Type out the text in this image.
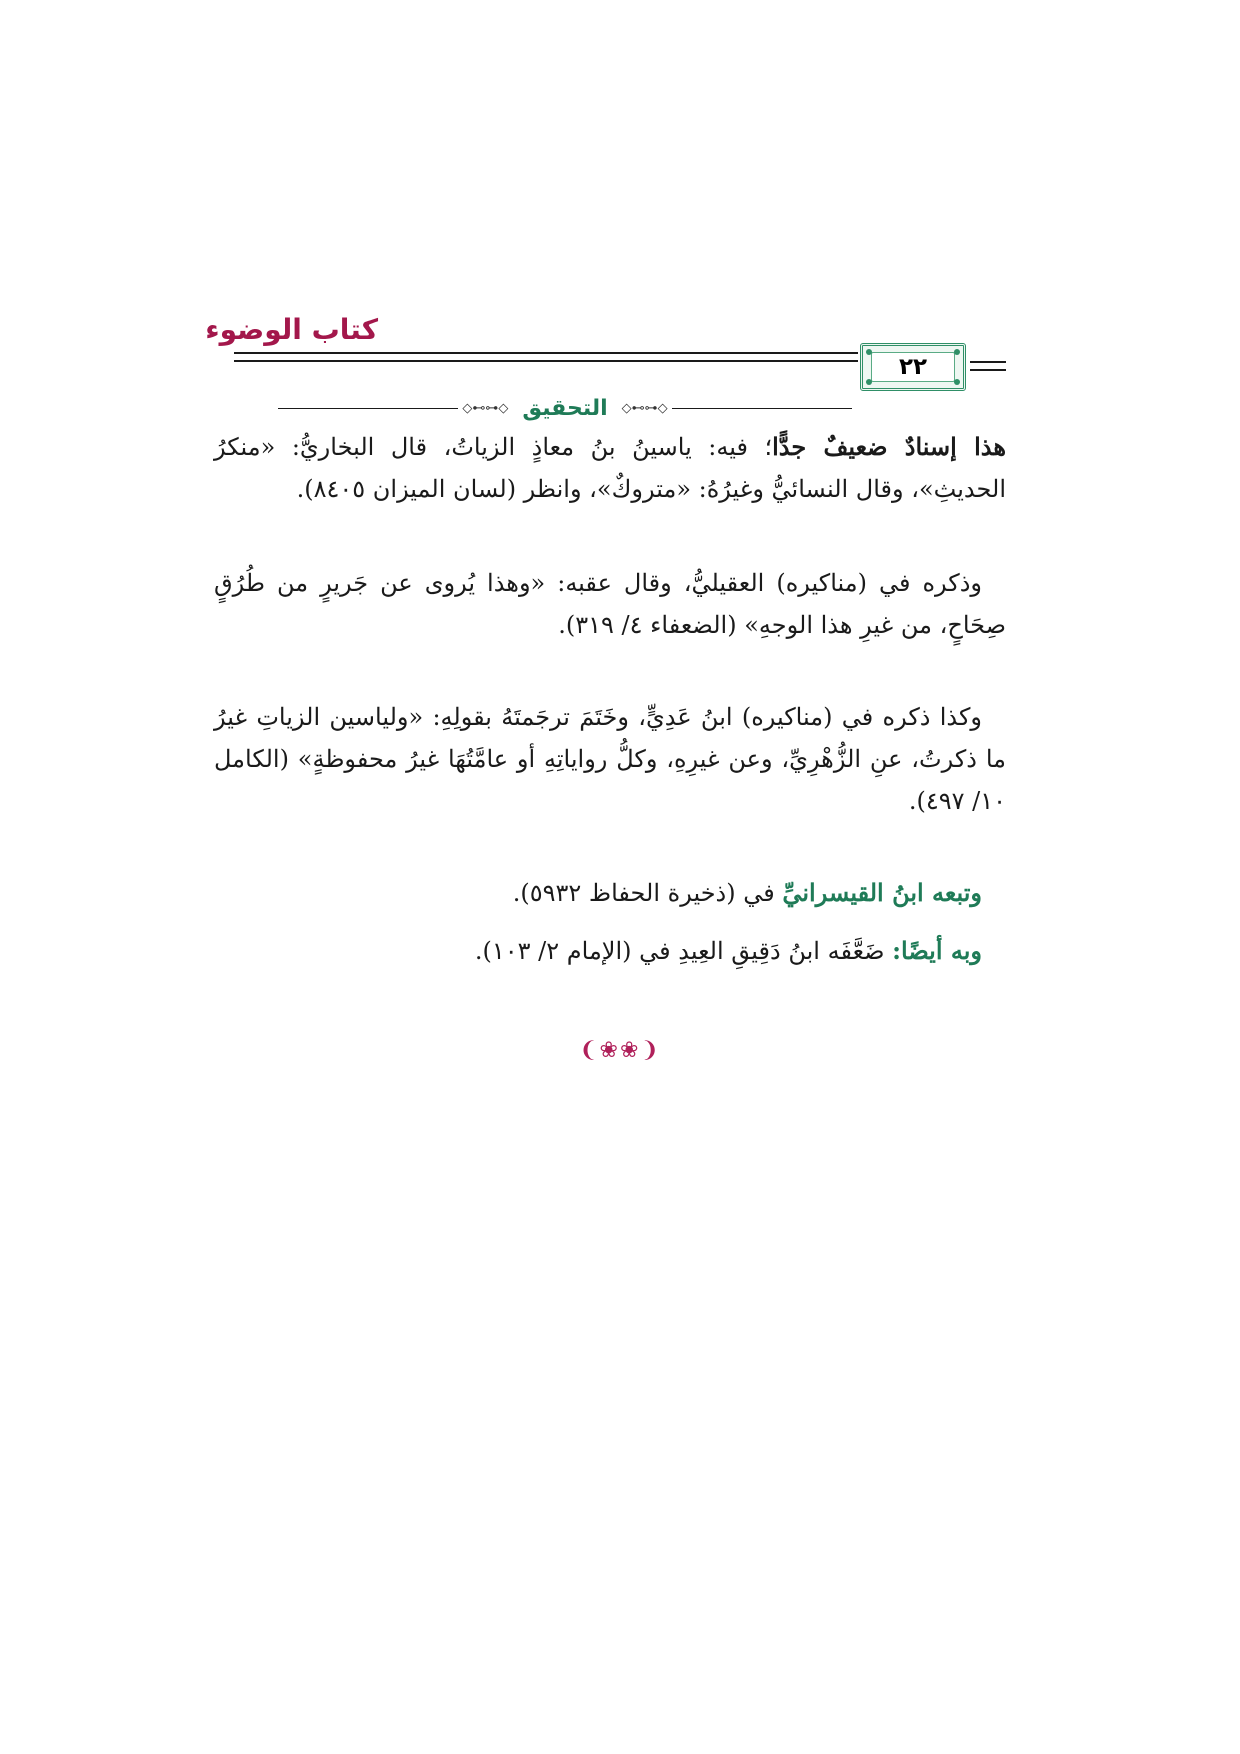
كتاب الوضوء
٢٢
◇⊷⊶◇ التحقيق ◇⊷⊶◇

هذا إسنادٌ ضعيفٌ جدًّا؛ فيه: ياسينُ بنُ معاذٍ الزياتُ، قال البخاريُّ: «منكرُ الحديثِ»، وقال النسائيُّ وغيرُهُ: «متروكٌ»، وانظر (لسان الميزان ٨٤٠٥).

وذكره في (مناكيره) العقيليُّ، وقال عقبه: «وهذا يُروى عن جَريرٍ من طُرُقٍ صِحَاحٍ، من غيرِ هذا الوجهِ» (الضعفاء ٤/ ٣١٩).

وكذا ذكره في (مناكيره) ابنُ عَدِيٍّ، وخَتَمَ ترجَمتَهُ بقولِهِ: «ولياسين الزياتِ غيرُ ما ذكرتُ، عنِ الزُّهْرِيِّ، وعن غيرِهِ، وكلُّ رواياتِهِ أو عامَّتُهَا غيرُ محفوظةٍ» (الكامل ١٠/ ٤٩٧).

وتبعه ابنُ القيسرانيِّ في (ذخيرة الحفاظ ٥٩٣٢).

وبه أيضًا: ضَعَّفَه ابنُ دَقِيقِ العِيدِ في (الإمام ٢/ ١٠٣).

❨❀❀❩
